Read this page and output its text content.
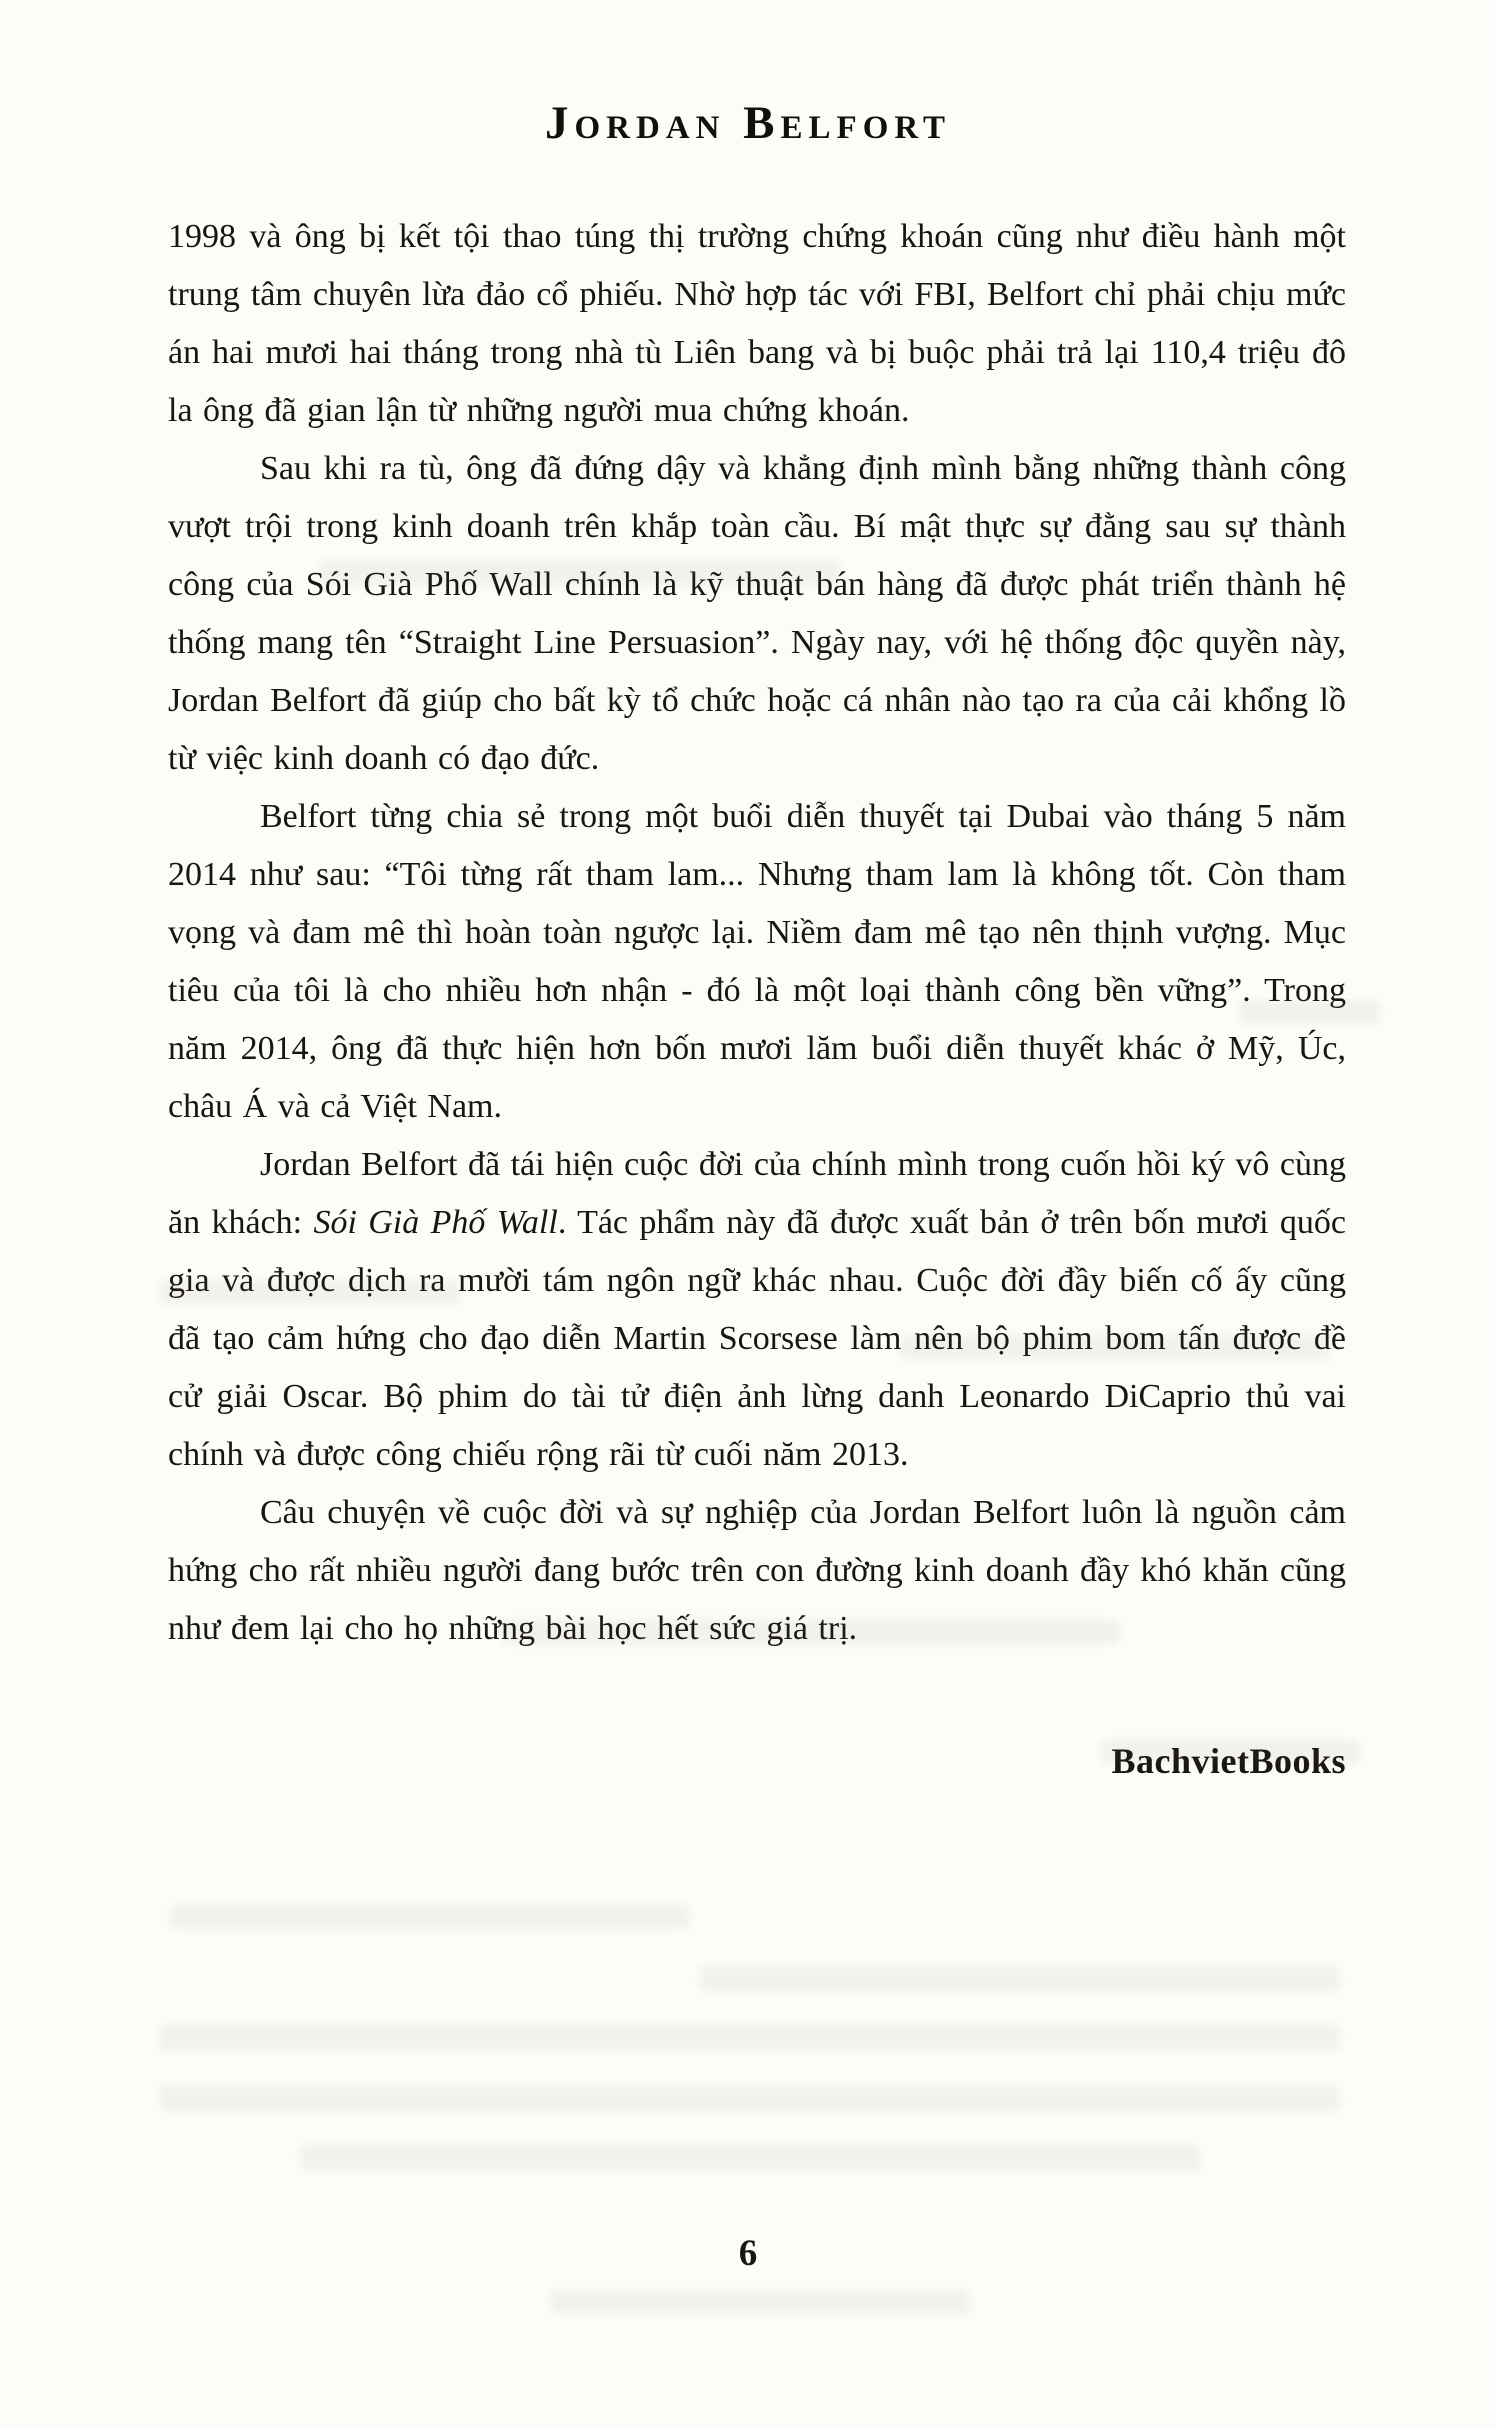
Jordan Belfort

1998 và ông bị kết tội thao túng thị trường chứng khoán cũng như điều hành một trung tâm chuyên lừa đảo cổ phiếu. Nhờ hợp tác với FBI, Belfort chỉ phải chịu mức án hai mươi hai tháng trong nhà tù Liên bang và bị buộc phải trả lại 110,4 triệu đô la ông đã gian lận từ những người mua chứng khoán.

Sau khi ra tù, ông đã đứng dậy và khẳng định mình bằng những thành công vượt trội trong kinh doanh trên khắp toàn cầu. Bí mật thực sự đằng sau sự thành công của Sói Già Phố Wall chính là kỹ thuật bán hàng đã được phát triển thành hệ thống mang tên “Straight Line Persuasion”. Ngày nay, với hệ thống độc quyền này, Jordan Belfort đã giúp cho bất kỳ tổ chức hoặc cá nhân nào tạo ra của cải khổng lồ từ việc kinh doanh có đạo đức.

Belfort từng chia sẻ trong một buổi diễn thuyết tại Dubai vào tháng 5 năm 2014 như sau: “Tôi từng rất tham lam... Nhưng tham lam là không tốt. Còn tham vọng và đam mê thì hoàn toàn ngược lại. Niềm đam mê tạo nên thịnh vượng. Mục tiêu của tôi là cho nhiều hơn nhận - đó là một loại thành công bền vững”. Trong năm 2014, ông đã thực hiện hơn bốn mươi lăm buổi diễn thuyết khác ở Mỹ, Úc, châu Á và cả Việt Nam.

Jordan Belfort đã tái hiện cuộc đời của chính mình trong cuốn hồi ký vô cùng ăn khách: Sói Già Phố Wall. Tác phẩm này đã được xuất bản ở trên bốn mươi quốc gia và được dịch ra mười tám ngôn ngữ khác nhau. Cuộc đời đầy biến cố ấy cũng đã tạo cảm hứng cho đạo diễn Martin Scorsese làm nên bộ phim bom tấn được đề cử giải Oscar. Bộ phim do tài tử điện ảnh lừng danh Leonardo DiCaprio thủ vai chính và được công chiếu rộng rãi từ cuối năm 2013.

Câu chuyện về cuộc đời và sự nghiệp của Jordan Belfort luôn là nguồn cảm hứng cho rất nhiều người đang bước trên con đường kinh doanh đầy khó khăn cũng như đem lại cho họ những bài học hết sức giá trị.

BachvietBooks
6
